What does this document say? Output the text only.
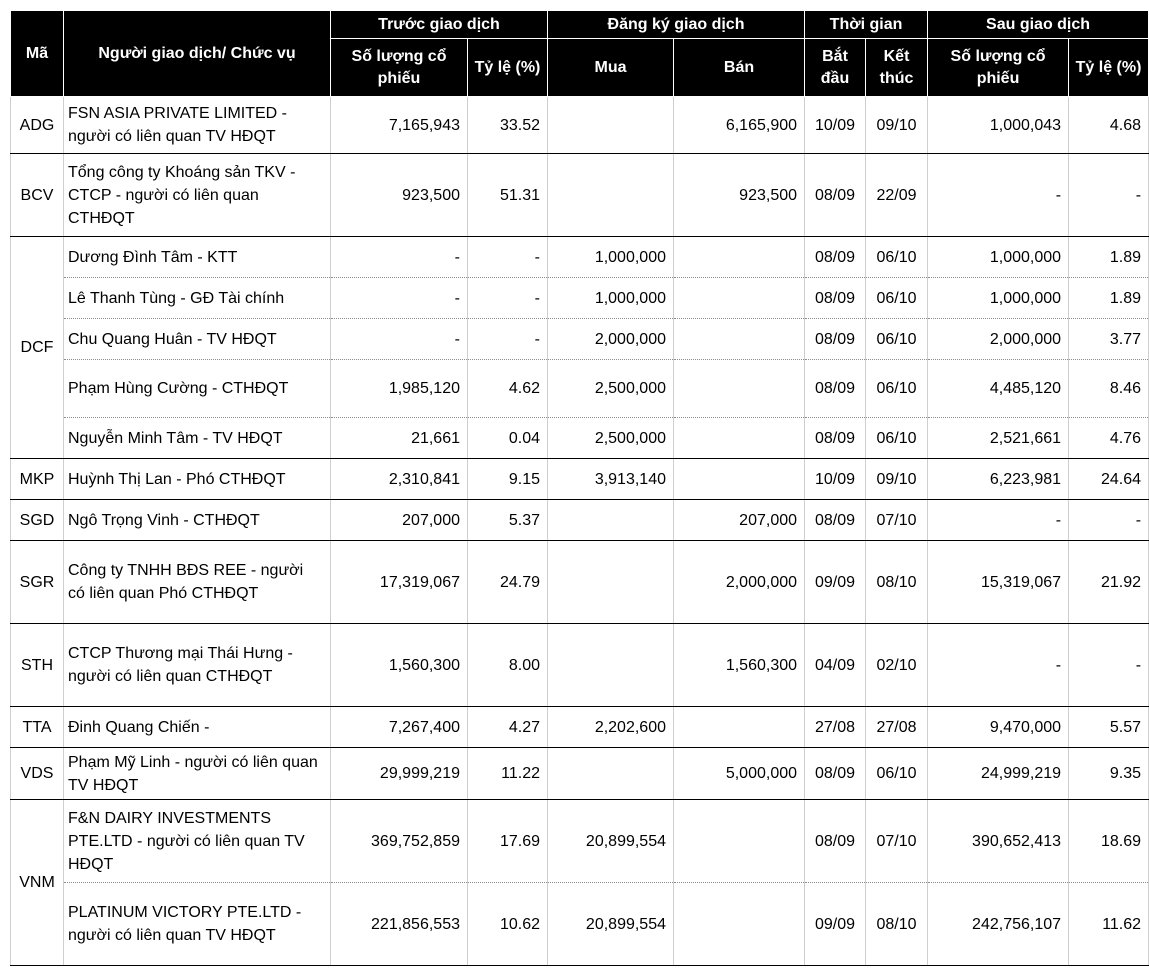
Mã	Người giao dịch/ Chức vụ	Trước giao dịch		Đăng ký giao dịch		Thời gian		Sau giao dịch	
		Số lượng cổ phiếu	Tỷ lệ (%)	Mua	Bán	Bắt đầu	Kết thúc	Số lượng cổ phiếu	Tỷ lệ (%)
ADG	FSN ASIA PRIVATE LIMITED - người có liên quan TV HĐQT	7,165,943	33.52		6,165,900	10/09	09/10	1,000,043	4.68
BCV	Tổng công ty Khoáng sản TKV - CTCP - người có liên quan CTHĐQT	923,500	51.31		923,500	08/09	22/09	-	-
DCF	Dương Đình Tâm - KTT	-	-	1,000,000		08/09	06/10	1,000,000	1.89
	Lê Thanh Tùng - GĐ Tài chính	-	-	1,000,000		08/09	06/10	1,000,000	1.89
	Chu Quang Huân - TV HĐQT	-	-	2,000,000		08/09	06/10	2,000,000	3.77
	Phạm Hùng Cường - CTHĐQT	1,985,120	4.62	2,500,000		08/09	06/10	4,485,120	8.46
	Nguyễn Minh Tâm - TV HĐQT	21,661	0.04	2,500,000		08/09	06/10	2,521,661	4.76
MKP	Huỳnh Thị Lan - Phó CTHĐQT	2,310,841	9.15	3,913,140		10/09	09/10	6,223,981	24.64
SGD	Ngô Trọng Vinh - CTHĐQT	207,000	5.37		207,000	08/09	07/10	-	-
SGR	Công ty TNHH BĐS REE - người có liên quan Phó CTHĐQT	17,319,067	24.79		2,000,000	09/09	08/10	15,319,067	21.92
STH	CTCP Thương mại Thái Hưng - người có liên quan CTHĐQT	1,560,300	8.00		1,560,300	04/09	02/10	-	-
TTA	Đinh Quang Chiến -	7,267,400	4.27	2,202,600		27/08	27/08	9,470,000	5.57
VDS	Phạm Mỹ Linh - người có liên quan TV HĐQT	29,999,219	11.22		5,000,000	08/09	06/10	24,999,219	9.35
VNM	F&N DAIRY INVESTMENTS PTE.LTD - người có liên quan TV HĐQT	369,752,859	17.69	20,899,554		08/09	07/10	390,652,413	18.69
	PLATINUM VICTORY PTE.LTD - người có liên quan TV HĐQT	221,856,553	10.62	20,899,554		09/09	08/10	242,756,107	11.62
